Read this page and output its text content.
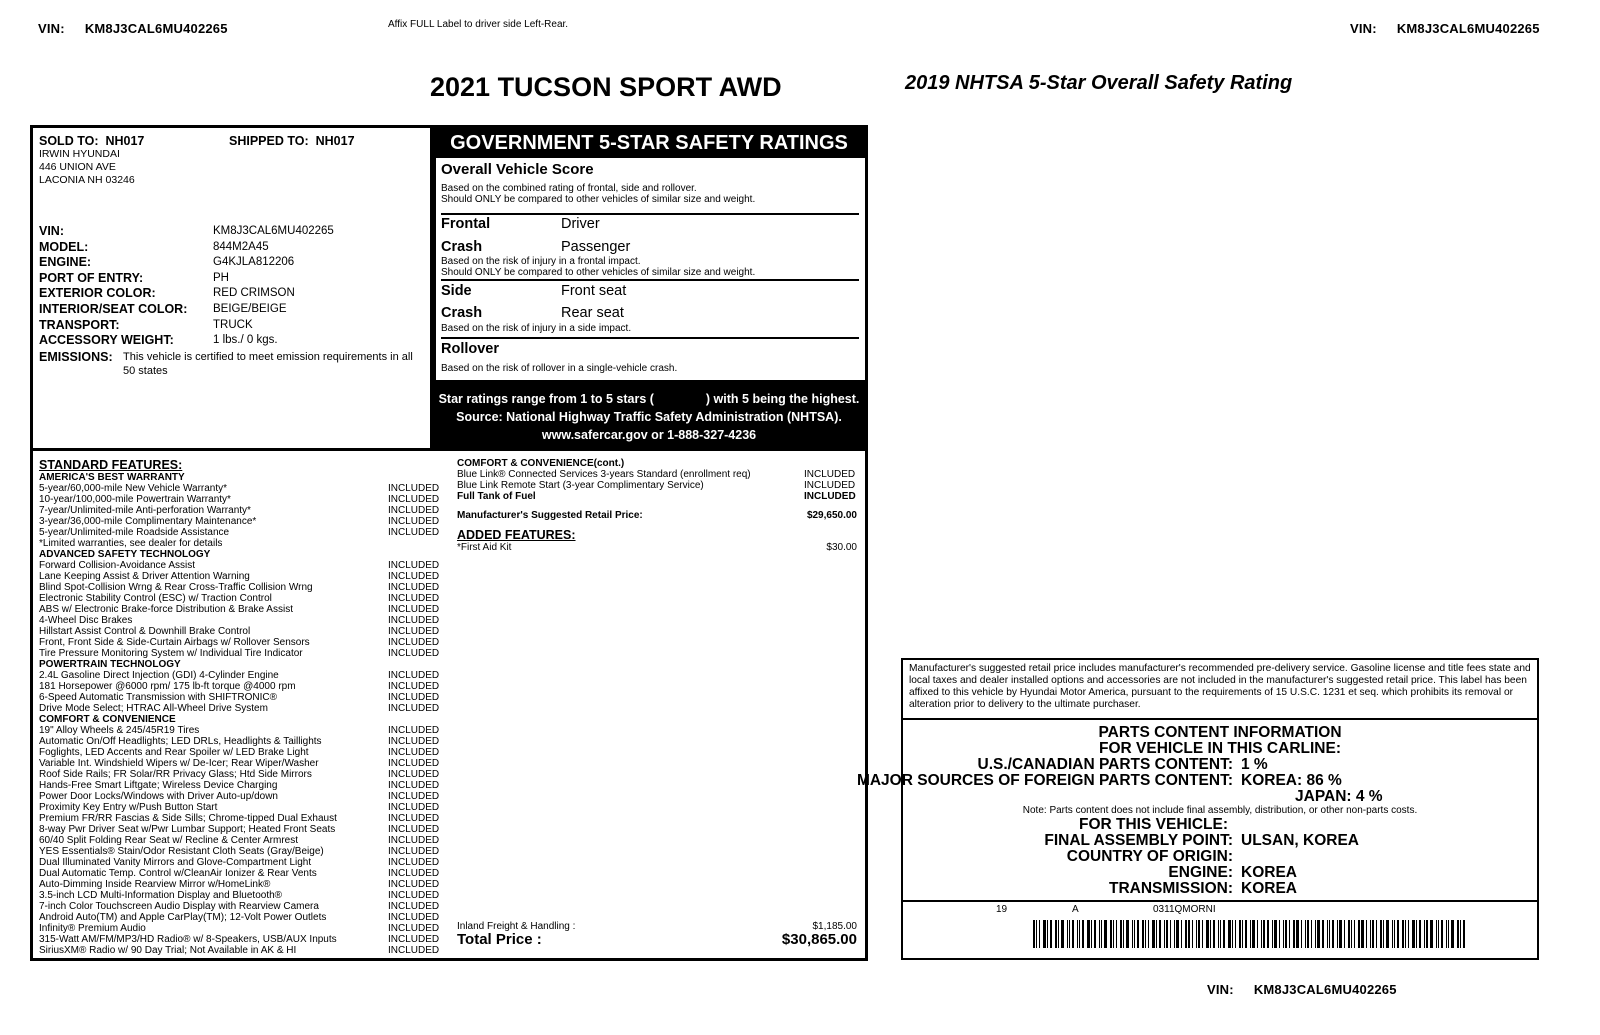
VIN: KM8J3CAL6MU402265	Affix FULL Label to driver side Left-Rear.	VIN: KM8J3CAL6MU402265
2021 TUCSON SPORT AWD	2019 NHTSA 5-Star Overall Safety Rating
SOLD TO: NH017	SHIPPED TO: NH017
IRWIN HYUNDAI
446 UNION AVE
LACONIA NH 03246
VIN:	KM8J3CAL6MU402265
MODEL:	844M2A45
ENGINE:	G4KJLA812206
PORT OF ENTRY:	PH
EXTERIOR COLOR:	RED CRIMSON
INTERIOR/SEAT COLOR:	BEIGE/BEIGE
TRANSPORT:	TRUCK
ACCESSORY WEIGHT:	1 lbs./ 0 kgs.
EMISSIONS: This vehicle is certified to meet emission requirements in all
50 states
GOVERNMENT 5-STAR SAFETY RATINGS
Overall Vehicle Score
Based on the combined rating of frontal, side and rollover.
Should ONLY be compared to other vehicles of similar size and weight.
Frontal	Driver
Crash	Passenger
Based on the risk of injury in a frontal impact.
Should ONLY be compared to other vehicles of similar size and weight.
Side	Front seat
Crash	Rear seat
Based on the risk of injury in a side impact.
Rollover
Based on the risk of rollover in a single-vehicle crash.
Star ratings range from 1 to 5 stars (	) with 5 being the highest.
Source: National Highway Traffic Safety Administration (NHTSA).
www.safercar.gov or 1-888-327-4236
STANDARD FEATURES:
AMERICA'S BEST WARRANTY
5-year/60,000-mile New Vehicle Warranty*	INCLUDED
10-year/100,000-mile Powertrain Warranty*	INCLUDED
7-year/Unlimited-mile Anti-perforation Warranty*	INCLUDED
3-year/36,000-mile Complimentary Maintenance*	INCLUDED
5-year/Unlimited-mile Roadside Assistance	INCLUDED
*Limited warranties, see dealer for details
ADVANCED SAFETY TECHNOLOGY
Forward Collision-Avoidance Assist	INCLUDED
Lane Keeping Assist & Driver Attention Warning	INCLUDED
Blind Spot-Collision Wrng & Rear Cross-Traffic Collision Wrng	INCLUDED
Electronic Stability Control (ESC) w/ Traction Control	INCLUDED
ABS w/ Electronic Brake-force Distribution & Brake Assist	INCLUDED
4-Wheel Disc Brakes	INCLUDED
Hillstart Assist Control & Downhill Brake Control	INCLUDED
Front, Front Side & Side-Curtain Airbags w/ Rollover Sensors	INCLUDED
Tire Pressure Monitoring System w/ Individual Tire Indicator	INCLUDED
POWERTRAIN TECHNOLOGY
2.4L Gasoline Direct Injection (GDI) 4-Cylinder Engine	INCLUDED
181 Horsepower @6000 rpm/ 175 lb-ft torque @4000 rpm	INCLUDED
6-Speed Automatic Transmission with SHIFTRONIC®	INCLUDED
Drive Mode Select; HTRAC All-Wheel Drive System	INCLUDED
COMFORT & CONVENIENCE
19" Alloy Wheels & 245/45R19 Tires	INCLUDED
Automatic On/Off Headlights; LED DRLs, Headlights & Taillights	INCLUDED
Foglights, LED Accents and Rear Spoiler w/ LED Brake Light	INCLUDED
Variable Int. Windshield Wipers w/ De-Icer; Rear Wiper/Washer	INCLUDED
Roof Side Rails; FR Solar/RR Privacy Glass; Htd Side Mirrors	INCLUDED
Hands-Free Smart Liftgate; Wireless Device Charging	INCLUDED
Power Door Locks/Windows with Driver Auto-up/down	INCLUDED
Proximity Key Entry w/Push Button Start	INCLUDED
Premium FR/RR Fascias & Side Sills; Chrome-tipped Dual Exhaust	INCLUDED
8-way Pwr Driver Seat w/Pwr Lumbar Support; Heated Front Seats	INCLUDED
60/40 Split Folding Rear Seat w/ Recline & Center Armrest	INCLUDED
YES Essentials® Stain/Odor Resistant Cloth Seats (Gray/Beige)	INCLUDED
Dual Illuminated Vanity Mirrors and Glove-Compartment Light	INCLUDED
Dual Automatic Temp. Control w/CleanAir Ionizer & Rear Vents	INCLUDED
Auto-Dimming Inside Rearview Mirror w/HomeLink®	INCLUDED
3.5-inch LCD Multi-Information Display and Bluetooth®	INCLUDED
7-inch Color Touchscreen Audio Display with Rearview Camera	INCLUDED
Android Auto(TM) and Apple CarPlay(TM); 12-Volt Power Outlets	INCLUDED
Infinity® Premium Audio	INCLUDED
315-Watt AM/FM/MP3/HD Radio® w/ 8-Speakers, USB/AUX Inputs	INCLUDED
SiriusXM® Radio w/ 90 Day Trial; Not Available in AK & HI	INCLUDED
COMFORT & CONVENIENCE(cont.)
Blue Link® Connected Services 3-years Standard (enrollment req)	INCLUDED
Blue Link Remote Start (3-year Complimentary Service)	INCLUDED
Full Tank of Fuel	INCLUDED
Manufacturer's Suggested Retail Price:	$29,650.00
ADDED FEATURES:
*First Aid Kit	$30.00
Inland Freight & Handling :	$1,185.00
Total Price :	$30,865.00
Manufacturer's suggested retail price includes manufacturer's recommended pre-delivery service. Gasoline license and title fees state and local taxes and dealer installed options and accessories are not included in the manufacturer's suggested retail price. This label has been affixed to this vehicle by Hyundai Motor America, pursuant to the requirements of 15 U.S.C. 1231 et seq. which prohibits its removal or alteration prior to delivery to the ultimate purchaser.
PARTS CONTENT INFORMATION
FOR VEHICLE IN THIS CARLINE:
U.S./CANADIAN PARTS CONTENT: 1 %
MAJOR SOURCES OF FOREIGN PARTS CONTENT: KOREA: 86 %
JAPAN: 4 %
Note: Parts content does not include final assembly, distribution, or other non-parts costs.
FOR THIS VEHICLE:
FINAL ASSEMBLY POINT: ULSAN, KOREA
COUNTRY OF ORIGIN:
ENGINE: KOREA
TRANSMISSION: KOREA
19	A	0311QMORNI
VIN: KM8J3CAL6MU402265
